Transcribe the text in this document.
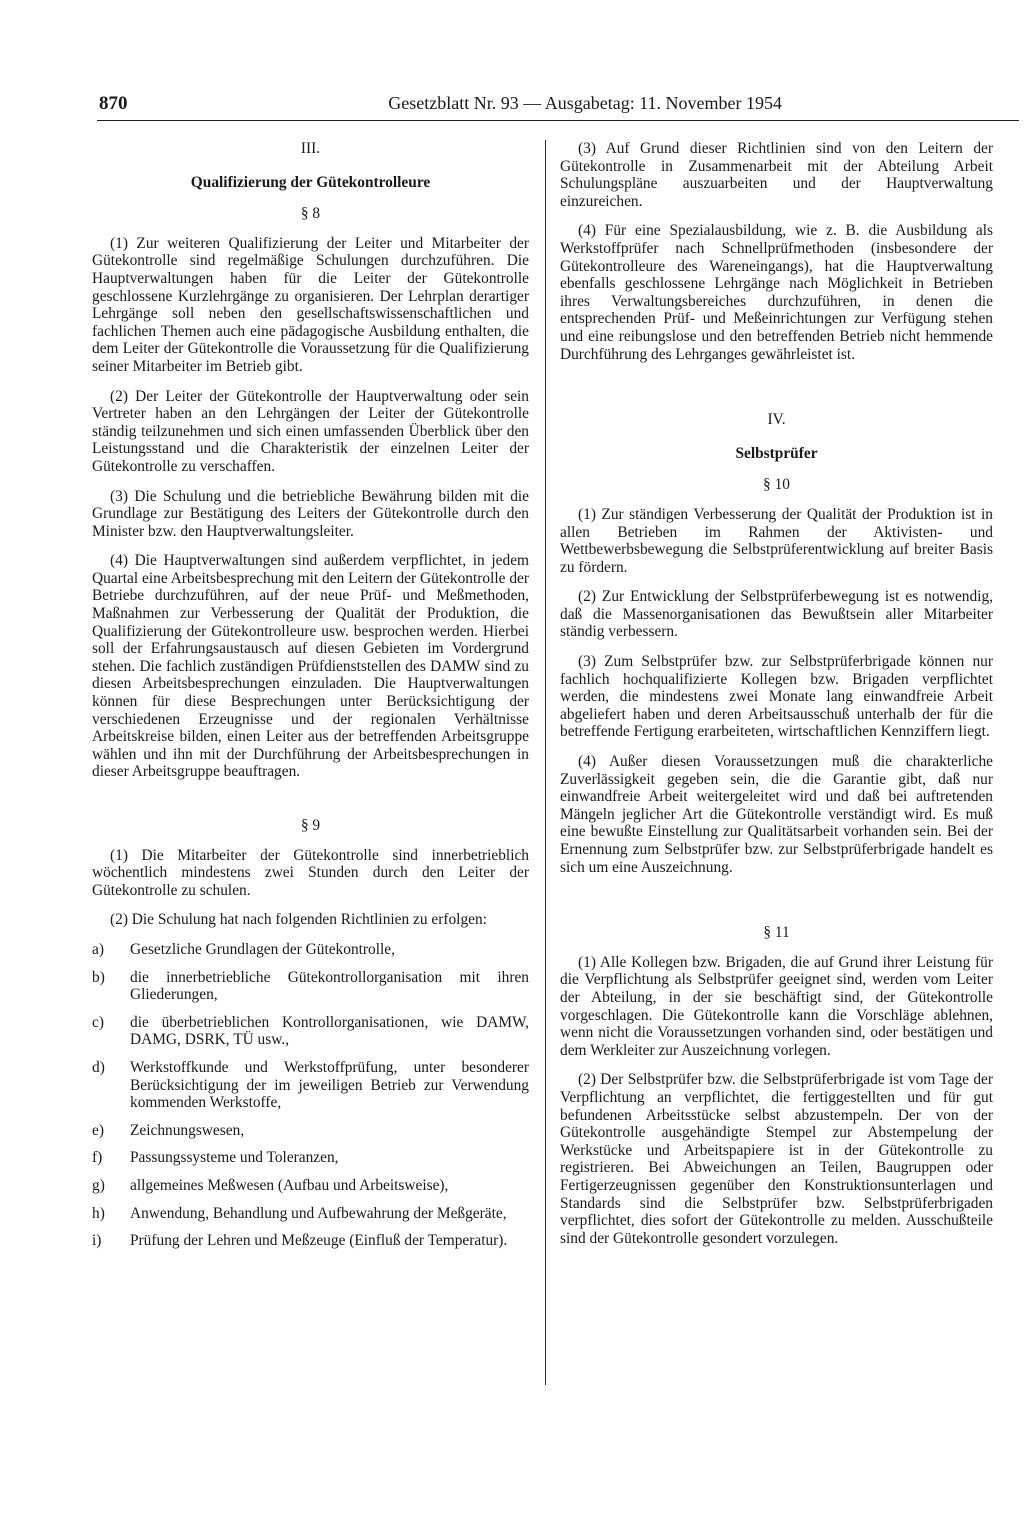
870	Gesetzblatt Nr. 93 — Ausgabetag: 11. November 1954
III.
Qualifizierung der Gütekontrolleure
§ 8

(1) Zur weiteren Qualifizierung der Leiter und Mitarbeiter der Gütekontrolle sind regelmäßige Schulungen durchzuführen. Die Hauptverwaltungen haben für die Leiter der Gütekontrolle geschlossene Kurzlehrgänge zu organisieren. Der Lehrplan derartiger Lehrgänge soll neben den gesellschaftswissenschaftlichen und fachlichen Themen auch eine pädagogische Ausbildung enthalten, die dem Leiter der Gütekontrolle die Voraussetzung für die Qualifizierung seiner Mitarbeiter im Betrieb gibt.

(2) Der Leiter der Gütekontrolle der Hauptverwaltung oder sein Vertreter haben an den Lehrgängen der Leiter der Gütekontrolle ständig teilzunehmen und sich einen umfassenden Überblick über den Leistungsstand und die Charakteristik der einzelnen Leiter der Gütekontrolle zu verschaffen.

(3) Die Schulung und die betriebliche Bewährung bilden mit die Grundlage zur Bestätigung des Leiters der Gütekontrolle durch den Minister bzw. den Hauptverwaltungsleiter.

(4) Die Hauptverwaltungen sind außerdem verpflichtet, in jedem Quartal eine Arbeitsbesprechung mit den Leitern der Gütekontrolle der Betriebe durchzuführen, auf der neue Prüf- und Meßmethoden, Maßnahmen zur Verbesserung der Qualität der Produktion, die Qualifizierung der Gütekontrolleure usw. besprochen werden. Hierbei soll der Erfahrungsaustausch auf diesen Gebieten im Vordergrund stehen. Die fachlich zuständigen Prüfdienststellen des DAMW sind zu diesen Arbeitsbesprechungen einzuladen. Die Hauptverwaltungen können für diese Besprechungen unter Berücksichtigung der verschiedenen Erzeugnisse und der regionalen Verhältnisse Arbeitskreise bilden, einen Leiter aus der betreffenden Arbeitsgruppe wählen und ihn mit der Durchführung der Arbeitsbesprechungen in dieser Arbeitsgruppe beauftragen.

§ 9

(1) Die Mitarbeiter der Gütekontrolle sind innerbetrieblich wöchentlich mindestens zwei Stunden durch den Leiter der Gütekontrolle zu schulen.

(2) Die Schulung hat nach folgenden Richtlinien zu erfolgen:

a)	Gesetzliche Grundlagen der Gütekontrolle,
b)	die innerbetriebliche Gütekontrollorganisation mit ihren Gliederungen,
c)	die überbetrieblichen Kontrollorganisationen, wie DAMW, DAMG, DSRK, TÜ usw.,
d)	Werkstoffkunde und Werkstoffprüfung, unter besonderer Berücksichtigung der im jeweiligen Betrieb zur Verwendung kommenden Werkstoffe,
e)	Zeichnungswesen,
f)	Passungssysteme und Toleranzen,
g)	allgemeines Meßwesen (Aufbau und Arbeitsweise),
h)	Anwendung, Behandlung und Aufbewahrung der Meßgeräte,
i)	Prüfung der Lehren und Meßzeuge (Einfluß der Temperatur).

(3) Auf Grund dieser Richtlinien sind von den Leitern der Gütekontrolle in Zusammenarbeit mit der Abteilung Arbeit Schulungspläne auszuarbeiten und der Hauptverwaltung einzureichen.

(4) Für eine Spezialausbildung, wie z. B. die Ausbildung als Werkstoffprüfer nach Schnellprüfmethoden (insbesondere der Gütekontrolleure des Wareneingangs), hat die Hauptverwaltung ebenfalls geschlossene Lehrgänge nach Möglichkeit in Betrieben ihres Verwaltungsbereiches durchzuführen, in denen die entsprechenden Prüf- und Meßeinrichtungen zur Verfügung stehen und eine reibungslose und den betreffenden Betrieb nicht hemmende Durchführung des Lehrganges gewährleistet ist.

IV.
Selbstprüfer
§ 10

(1) Zur ständigen Verbesserung der Qualität der Produktion ist in allen Betrieben im Rahmen der Aktivisten- und Wettbewerbsbewegung die Selbstprüferentwicklung auf breiter Basis zu fördern.

(2) Zur Entwicklung der Selbstprüferbewegung ist es notwendig, daß die Massenorganisationen das Bewußtsein aller Mitarbeiter ständig verbessern.

(3) Zum Selbstprüfer bzw. zur Selbstprüferbrigade können nur fachlich hochqualifizierte Kollegen bzw. Brigaden verpflichtet werden, die mindestens zwei Monate lang einwandfreie Arbeit abgeliefert haben und deren Arbeitsausschuß unterhalb der für die betreffende Fertigung erarbeiteten, wirtschaftlichen Kennziffern liegt.

(4) Außer diesen Voraussetzungen muß die charakterliche Zuverlässigkeit gegeben sein, die die Garantie gibt, daß nur einwandfreie Arbeit weitergeleitet wird und daß bei auftretenden Mängeln jeglicher Art die Gütekontrolle verständigt wird. Es muß eine bewußte Einstellung zur Qualitätsarbeit vorhanden sein. Bei der Ernennung zum Selbstprüfer bzw. zur Selbstprüferbrigade handelt es sich um eine Auszeichnung.

§ 11

(1) Alle Kollegen bzw. Brigaden, die auf Grund ihrer Leistung für die Verpflichtung als Selbstprüfer geeignet sind, werden vom Leiter der Abteilung, in der sie beschäftigt sind, der Gütekontrolle vorgeschlagen. Die Gütekontrolle kann die Vorschläge ablehnen, wenn nicht die Voraussetzungen vorhanden sind, oder bestätigen und dem Werkleiter zur Auszeichnung vorlegen.

(2) Der Selbstprüfer bzw. die Selbstprüferbrigade ist vom Tage der Verpflichtung an verpflichtet, die fertiggestellten und für gut befundenen Arbeitsstücke selbst abzustempeln. Der von der Gütekontrolle ausgehändigte Stempel zur Abstempelung der Werkstücke und Arbeitspapiere ist in der Gütekontrolle zu registrieren. Bei Abweichungen an Teilen, Baugruppen oder Fertigerzeugnissen gegenüber den Konstruktionsunterlagen und Standards sind die Selbstprüfer bzw. Selbstprüferbrigaden verpflichtet, dies sofort der Gütekontrolle zu melden. Ausschußteile sind der Gütekontrolle gesondert vorzulegen.
